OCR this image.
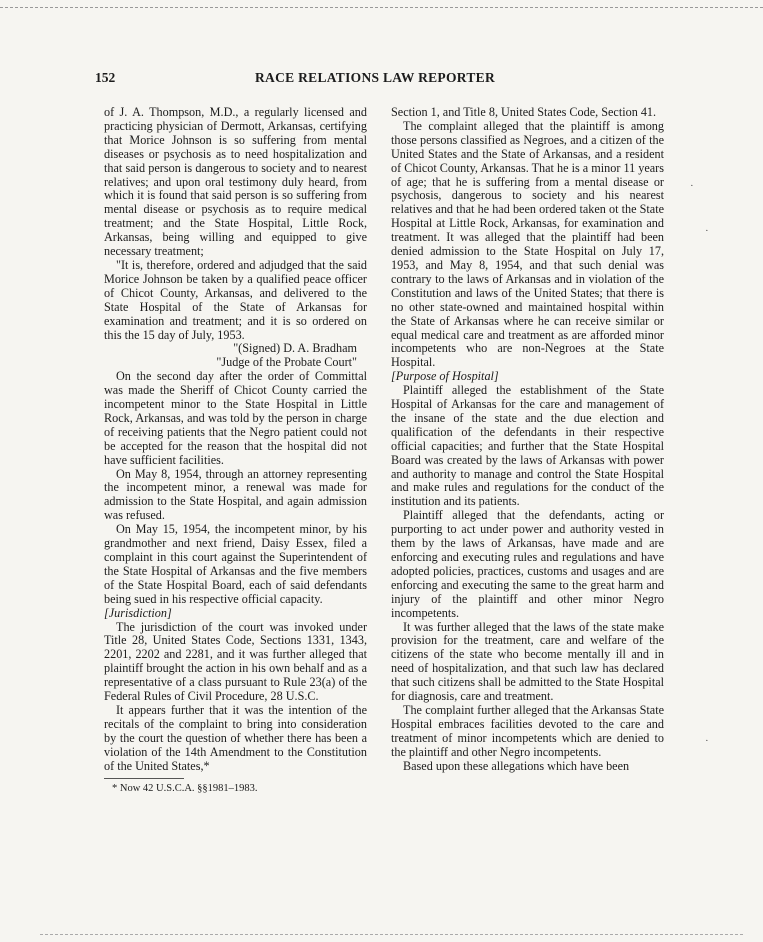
152	RACE RELATIONS LAW REPORTER

of J. A. Thompson, M.D., a regularly licensed and practicing physician of Dermott, Arkansas, certifying that Morice Johnson is so suffering from mental diseases or psychosis as to need hospitalization and that said person is dangerous to society and to nearest relatives; and upon oral testimony duly heard, from which it is found that said person is so suffering from mental disease or psychosis as to require medical treatment; and the State Hospital, Little Rock, Arkansas, being willing and equipped to give necessary treatment;

"It is, therefore, ordered and adjudged that the said Morice Johnson be taken by a qualified peace officer of Chicot County, Arkansas, and delivered to the State Hospital of the State of Arkansas for examination and treatment; and it is so ordered on this the 15 day of July, 1953.

"(Signed) D. A. Bradham

"Judge of the Probate Court"

On the second day after the order of Committal was made the Sheriff of Chicot County carried the incompetent minor to the State Hospital in Little Rock, Arkansas, and was told by the person in charge of receiving patients that the Negro patient could not be accepted for the reason that the hospital did not have sufficient facilities.

On May 8, 1954, through an attorney representing the incompetent minor, a renewal was made for admission to the State Hospital, and again admission was refused.

On May 15, 1954, the incompetent minor, by his grandmother and next friend, Daisy Essex, filed a complaint in this court against the Superintendent of the State Hospital of Arkansas and the five members of the State Hospital Board, each of said defendants being sued in his respective official capacity.

[Jurisdiction]

The jurisdiction of the court was invoked under Title 28, United States Code, Sections 1331, 1343, 2201, 2202 and 2281, and it was further alleged that plaintiff brought the action in his own behalf and as a representative of a class pursuant to Rule 23(a) of the Federal Rules of Civil Procedure, 28 U.S.C.

It appears further that it was the intention of the recitals of the complaint to bring into consideration by the court the question of whether there has been a violation of the 14th Amendment to the Constitution of the United States,*

* Now 42 U.S.C.A. §§1981–1983.

Section 1, and Title 8, United States Code, Section 41.

The complaint alleged that the plaintiff is among those persons classified as Negroes, and a citizen of the United States and the State of Arkansas, and a resident of Chicot County, Arkansas. That he is a minor 11 years of age; that he is suffering from a mental disease or psychosis, dangerous to society and his nearest relatives and that he had been ordered taken ot the State Hospital at Little Rock, Arkansas, for examination and treatment. It was alleged that the plaintiff had been denied admission to the State Hospital on July 17, 1953, and May 8, 1954, and that such denial was contrary to the laws of Arkansas and in violation of the Constitution and laws of the United States; that there is no other state-owned and maintained hospital within the State of Arkansas where he can receive similar or equal medical care and treatment as are afforded minor incompetents who are non-Negroes at the State Hospital.

[Purpose of Hospital]

Plaintiff alleged the establishment of the State Hospital of Arkansas for the care and management of the insane of the state and the due election and qualification of the defendants in their respective official capacities; and further that the State Hospital Board was created by the laws of Arkansas with power and authority to manage and control the State Hospital and make rules and regulations for the conduct of the institution and its patients.

Plaintiff alleged that the defendants, acting or purporting to act under power and authority vested in them by the laws of Arkansas, have made and are enforcing and executing rules and regulations and have adopted policies, practices, customs and usages and are enforcing and executing the same to the great harm and injury of the plaintiff and other minor Negro incompetents.

It was further alleged that the laws of the state make provision for the treatment, care and welfare of the citizens of the state who become mentally ill and in need of hospitalization, and that such law has declared that such citizens shall be admitted to the State Hospital for diagnosis, care and treatment.

The complaint further alleged that the Arkansas State Hospital embraces facilities devoted to the care and treatment of minor incompetents which are denied to the plaintiff and other Negro incompetents.

Based upon these allegations which have been

·
·
·
